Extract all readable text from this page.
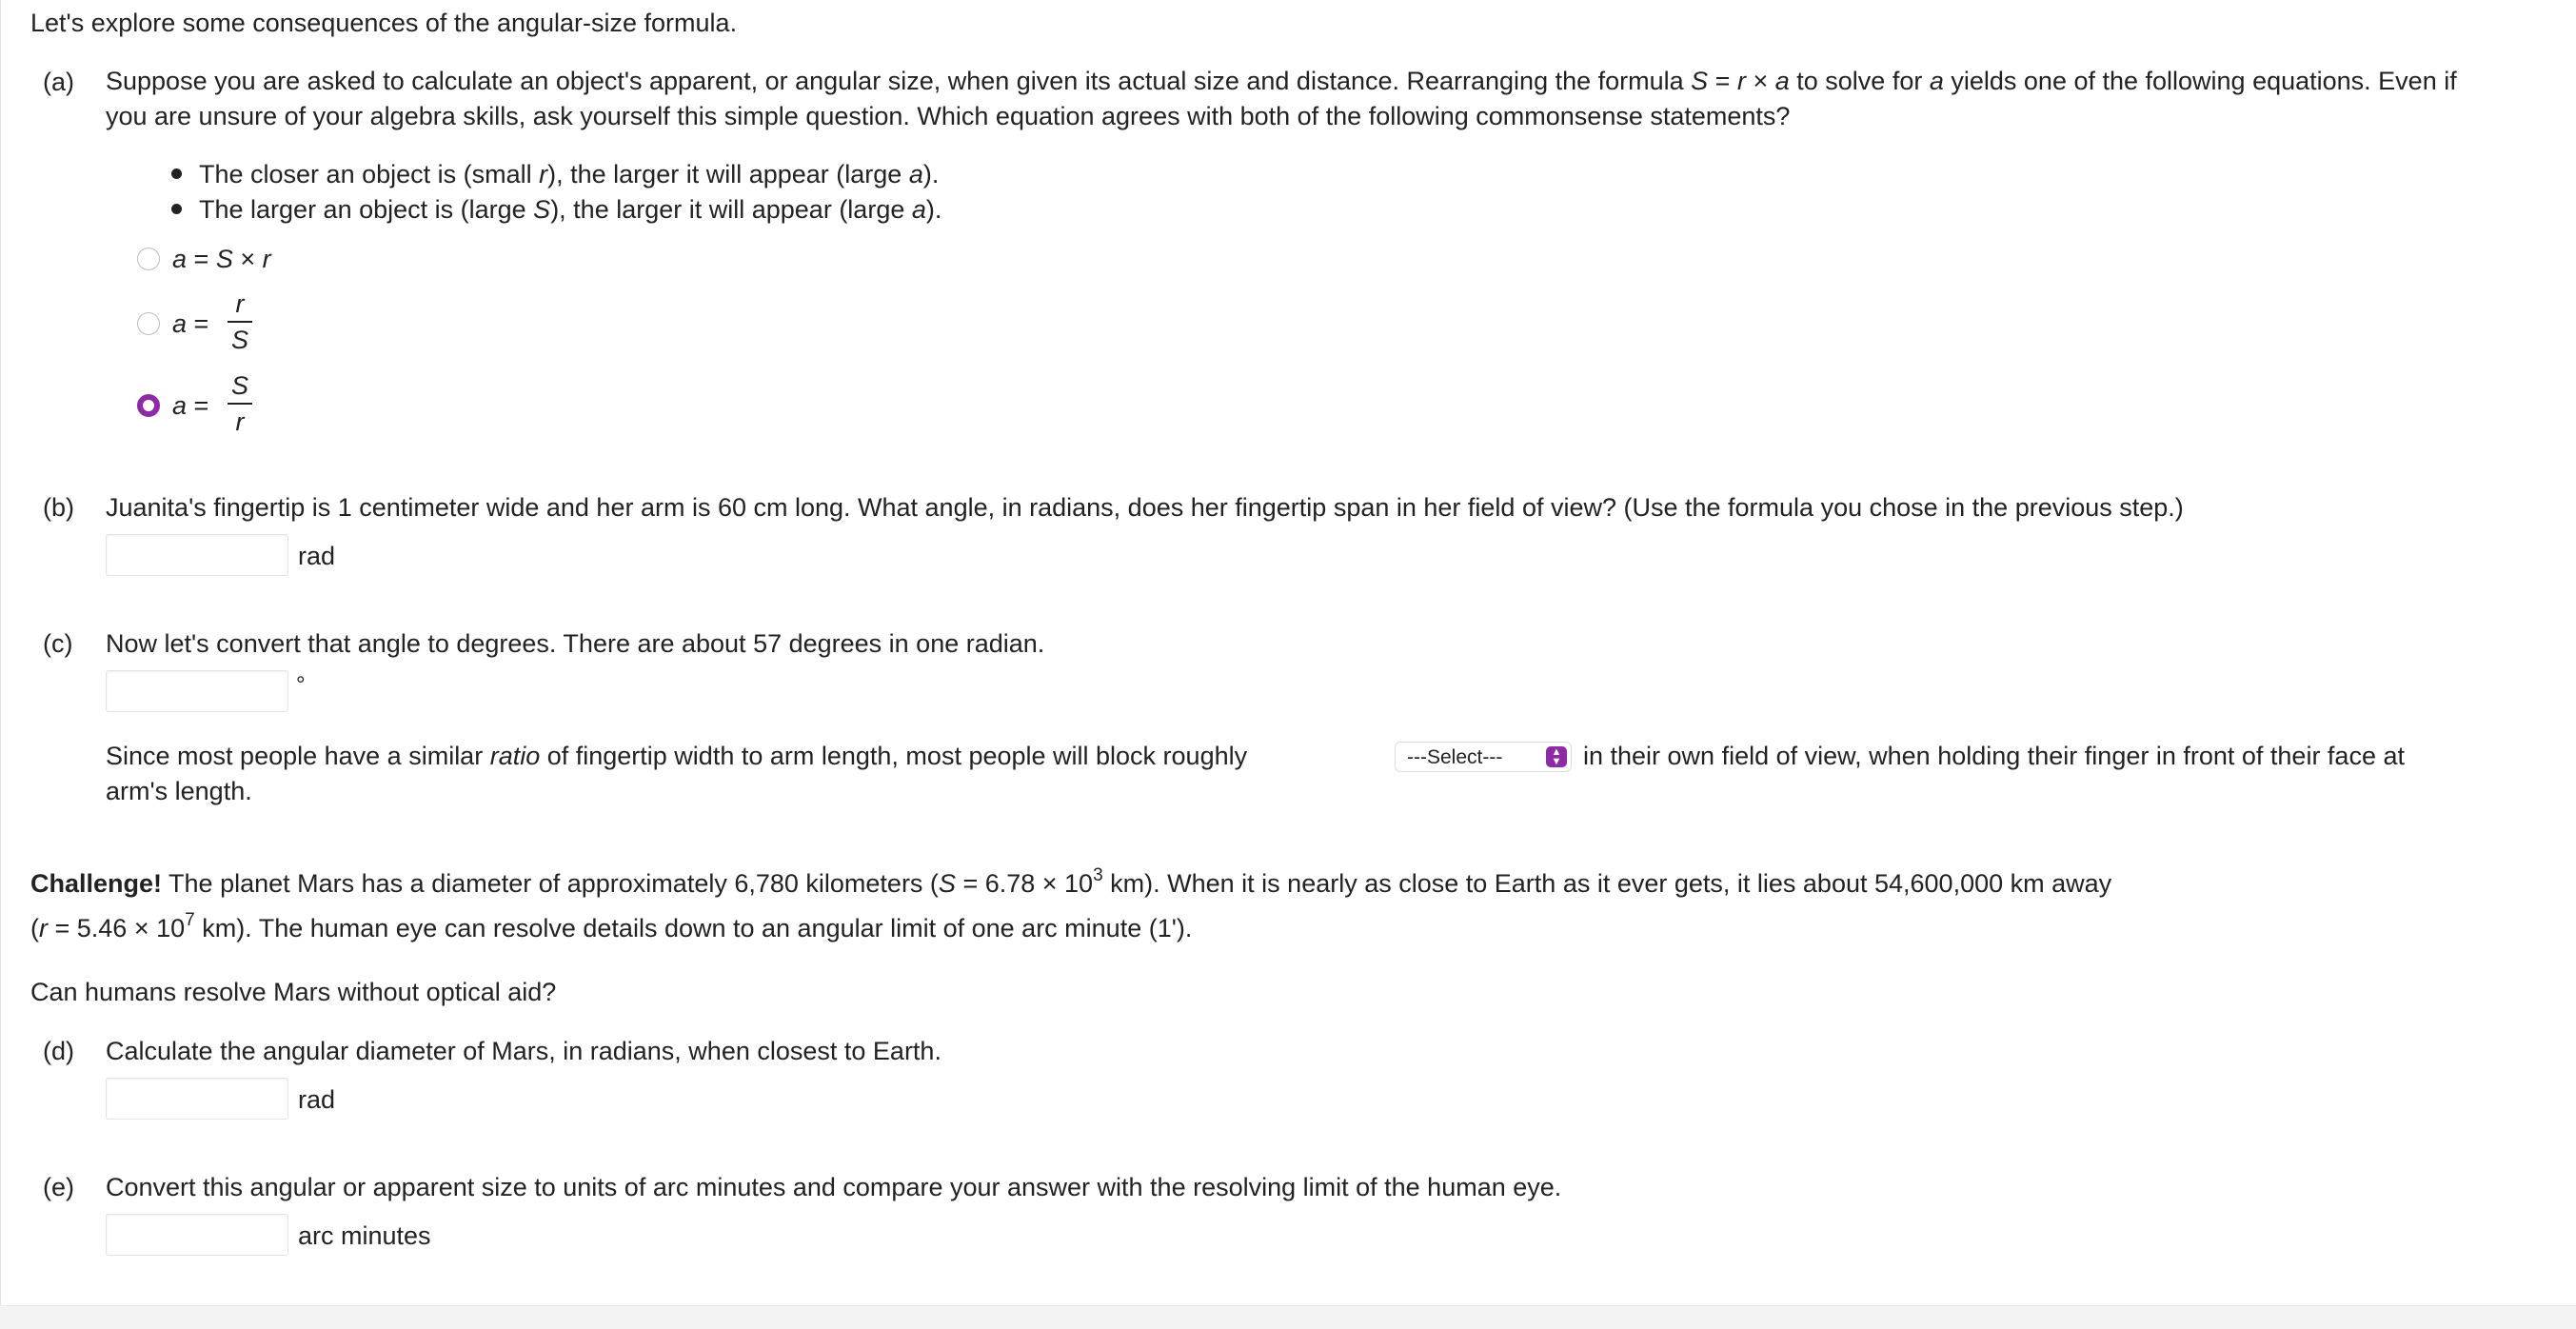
Let's explore some consequences of the angular-size formula.
(a) Suppose you are asked to calculate an object's apparent, or angular size, when given its actual size and distance. Rearranging the formula S = r × a to solve for a yields one of the following equations. Even if you are unsure of your algebra skills, ask yourself this simple question. Which equation agrees with both of the following commonsense statements?
The closer an object is (small r), the larger it will appear (large a).
The larger an object is (large S), the larger it will appear (large a).
a = S × r
a =
r
S
a =
S
r
(b) Juanita's fingertip is 1 centimeter wide and her arm is 60 cm long. What angle, in radians, does her fingertip span in her field of view? (Use the formula you chose in the previous step.)
rad
(c) Now let's convert that angle to degrees. There are about 57 degrees in one radian.
°
Since most people have a similar ratio of fingertip width to arm length, most people will block roughly	---Select---	▲
▼ in their own field of view, when holding their finger in front of their face at
arm's length.
Challenge! The planet Mars has a diameter of approximately 6,780 kilometers ($S = 6.78 \times 10^3$ km). When it is nearly as close to Earth as it ever gets, it lies about 54,600,000 km away
($r = 5.46 \times 10^7$ km). The human eye can resolve details down to an angular limit of one arc minute (1').
Can humans resolve Mars without optical aid?
(d) Calculate the angular diameter of Mars, in radians, when closest to Earth.
rad
(e) Convert this angular or apparent size to units of arc minutes and compare your answer with the resolving limit of the human eye.
arc minutes
